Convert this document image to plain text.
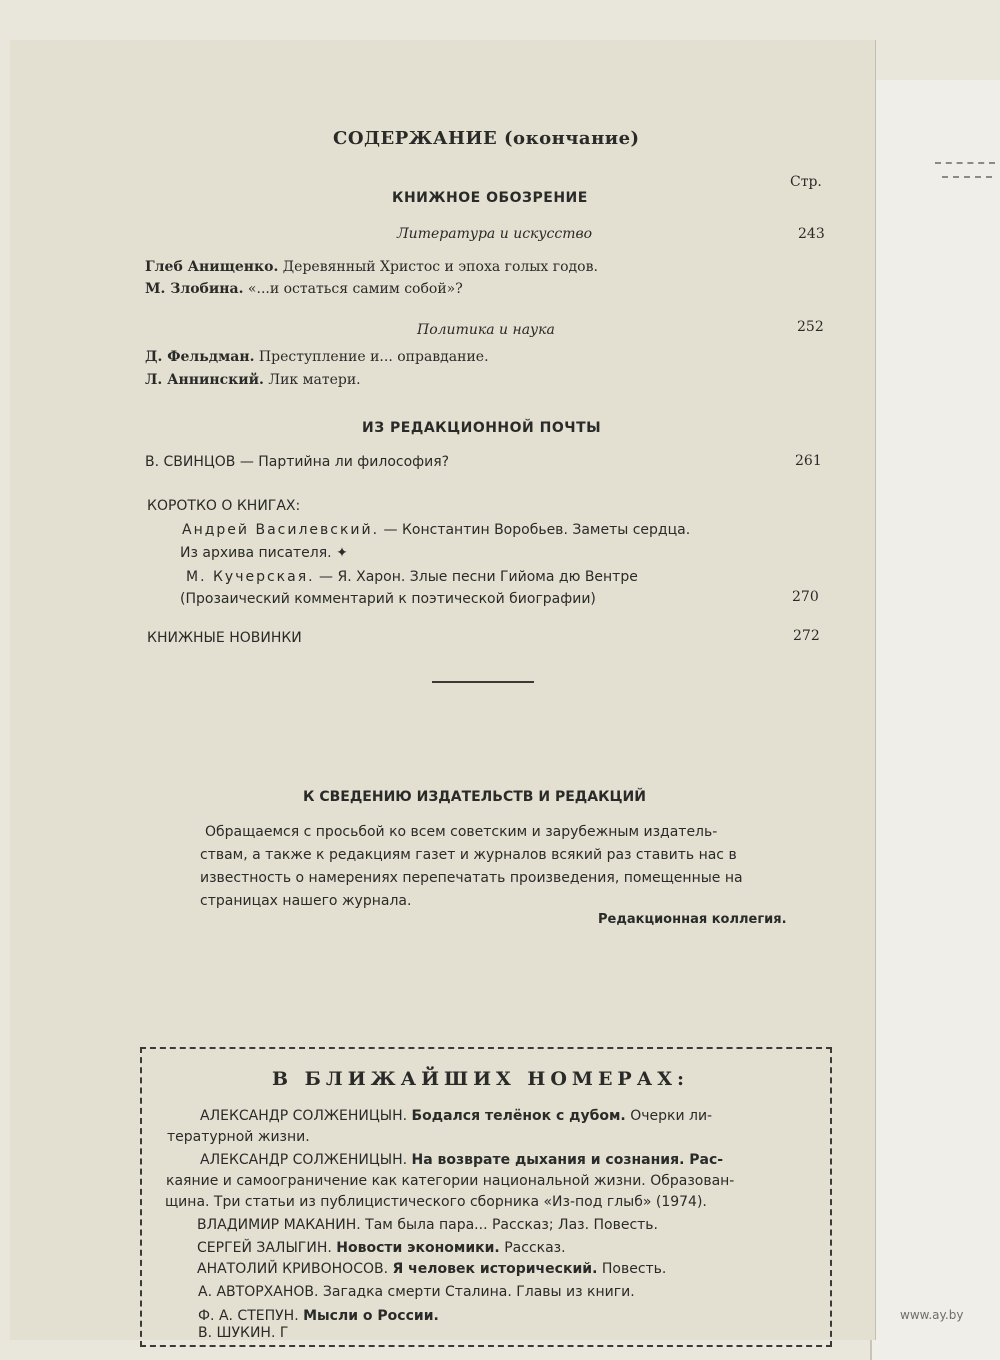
СОДЕРЖАНИЕ (окончание)
Стр.
КНИЖНОЕ ОБОЗРЕНИЕ
Литература и искусство	243
Глеб Анищенко. Деревянный Христос и эпоха голых годов.
М. Злобина. «...и остаться самим собой»?
Политика и наука	252
Д. Фельдман. Преступление и... оправдание.
Л. Аннинский. Лик матери.
ИЗ РЕДАКЦИОННОЙ ПОЧТЫ
В. СВИНЦОВ — Партийна ли философия?	261
КОРОТКО О КНИГАХ:
Андрей Василевский. — Константин Воробьев. Заметы сердца.
Из архива писателя. ✦
М. Кучерская. — Я. Харон. Злые песни Гийома дю Вентре
(Прозаический комментарий к поэтической биографии)	270
КНИЖНЫЕ НОВИНКИ	272
К СВЕДЕНИЮ ИЗДАТЕЛЬСТВ И РЕДАКЦИЙ
Обращаемся с просьбой ко всем советским и зарубежным издатель-
ствам, а также к редакциям газет и журналов всякий раз ставить нас в
известность о намерениях перепечатать произведения, помещенные на
страницах нашего журнала.
Редакционная коллегия.
В БЛИЖАЙШИХ НОМЕРАХ:
АЛЕКСАНДР СОЛЖЕНИЦЫН. Бодался телёнок с дубом. Очерки ли-
тературной жизни.
АЛЕКСАНДР СОЛЖЕНИЦЫН. На возврате дыхания и сознания. Рас-
каяние и самоограничение как категории национальной жизни. Образован-
щина. Три статьи из публицистического сборника «Из-под глыб» (1974).
ВЛАДИМИР МАКАНИН. Там была пара... Рассказ; Лаз. Повесть.
СЕРГЕЙ ЗАЛЫГИН. Новости экономики. Рассказ.
АНАТОЛИЙ КРИВОНОСОВ. Я человек исторический. Повесть.
А. АВТОРХАНОВ. Загадка смерти Сталина. Главы из книги.
Ф. А. СТЕПУН. Мысли о России.
В. ШУКИН. Г
www.ay.by
